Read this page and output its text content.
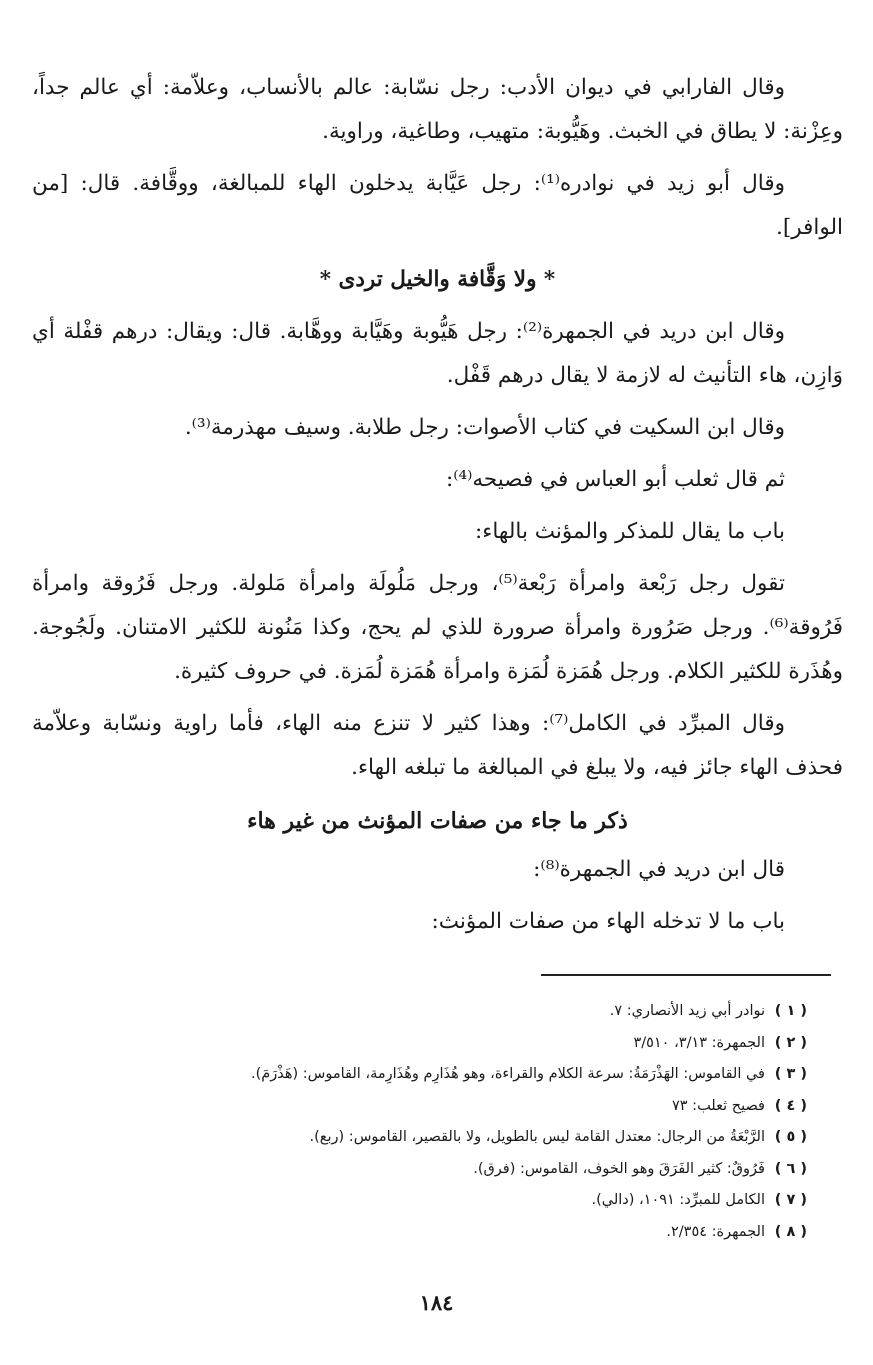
وقال الفارابي في ديوان الأدب: رجل نسّابة: عالم بالأنساب، وعلاّمة: أي عالم جداً، وعِزْنة: لا يطاق في الخبث. وهَيُّوبة: متهيب، وطاغية، وراوية.

وقال أبو زيد في نوادره⁽¹⁾: رجل عَيَّابة يدخلون الهاء للمبالغة، ووقَّافة. قال: [من الوافر].

* ولا وَقَّافة والخيل تردى *

وقال ابن دريد في الجمهرة⁽²⁾: رجل هَيُّوبة وهَيَّابة ووهَّابة. قال: ويقال: درهم قفْلة أي وَازِن، هاء التأنيث له لازمة لا يقال درهم قَفْل.

وقال ابن السكيت في كتاب الأصوات: رجل طلابة. وسيف مهذرمة⁽³⁾.

ثم قال ثعلب أبو العباس في فصيحه⁽⁴⁾:

باب ما يقال للمذكر والمؤنث بالهاء:

تقول رجل رَبْعة وامرأة رَبْعة⁽⁵⁾، ورجل مَلُولَة وامرأة مَلولة. ورجل فَرُوقة وامرأة فَرُوقة⁽⁶⁾. ورجل صَرُورة وامرأة صرورة للذي لم يحج، وكذا مَنُونة للكثير الامتنان. ولَجُوجة. وهُذَرة للكثير الكلام. ورجل هُمَزة لُمَزة وامرأة هُمَزة لُمَزة. في حروف كثيرة.

وقال المبرِّد في الكامل⁽⁷⁾: وهذا كثير لا تنزع منه الهاء، فأما راوية ونسّابة وعلاّمة فحذف الهاء جائز فيه، ولا يبلغ في المبالغة ما تبلغه الهاء.

ذكر ما جاء من صفات المؤنث من غير هاء

قال ابن دريد في الجمهرة⁽⁸⁾:

باب ما لا تدخله الهاء من صفات المؤنث:

( ١ )
نوادر أبي زيد الأنصاري: ٧.
( ٢ )
الجمهرة: ٣/١٣، ٣/٥١٠
( ٣ )
في القاموس: الهَذْرَمَةُ: سرعة الكلام والقراءة، وهو هُذَارِم وهُذَارِمة، القاموس: (هَذْرَمَ).
( ٤ )
فصيح ثعلب: ٧٣
( ٥ )
الرَّبْعَةُ من الرجال: معتدل القامة ليس بالطويل، ولا بالقصير، القاموس: (ربع).
( ٦ )
فَرُوقٌ: كثير الفَرَقَ وهو الخوف، القاموس: (فرق).
( ٧ )
الكامل للمبرِّد: ١٠٩١، (دالي).
( ٨ )
الجمهرة: ٢/٣٥٤.
١٨٤
